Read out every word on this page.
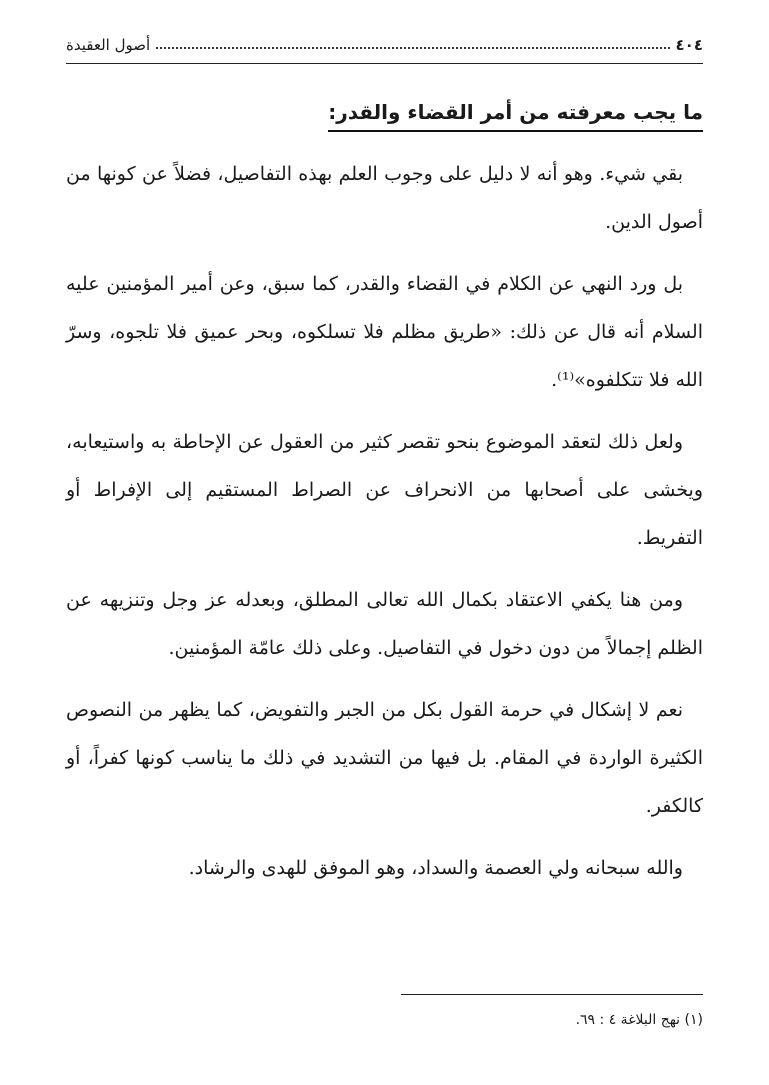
٤٠٤
أصول العقيدة
ما يجب معرفته من أمر القضاء والقدر:

بقي شيء. وهو أنه لا دليل على وجوب العلم بهذه التفاصيل، فضلاً عن كونها من أصول الدين.

بل ورد النهي عن الكلام في القضاء والقدر، كما سبق، وعن أمير المؤمنين عليه السلام أنه قال عن ذلك: «طريق مظلم فلا تسلكوه، وبحر عميق فلا تلجوه، وسرّ الله فلا تتكلفوه»⁽¹⁾.

ولعل ذلك لتعقد الموضوع بنحو تقصر كثير من العقول عن الإحاطة به واستيعابه، ويخشى على أصحابها من الانحراف عن الصراط المستقيم إلى الإفراط أو التفريط.

ومن هنا يكفي الاعتقاد بكمال الله تعالى المطلق، وبعدله عز وجل وتنزيهه عن الظلم إجمالاً من دون دخول في التفاصيل. وعلى ذلك عامّة المؤمنين.

نعم لا إشكال في حرمة القول بكل من الجبر والتفويض، كما يظهر من النصوص الكثيرة الواردة في المقام. بل فيها من التشديد في ذلك ما يناسب كونها كفراً، أو كالكفر.

والله سبحانه ولي العصمة والسداد، وهو الموفق للهدى والرشاد.

(١) نهج البلاغة ٤ : ٦٩.
